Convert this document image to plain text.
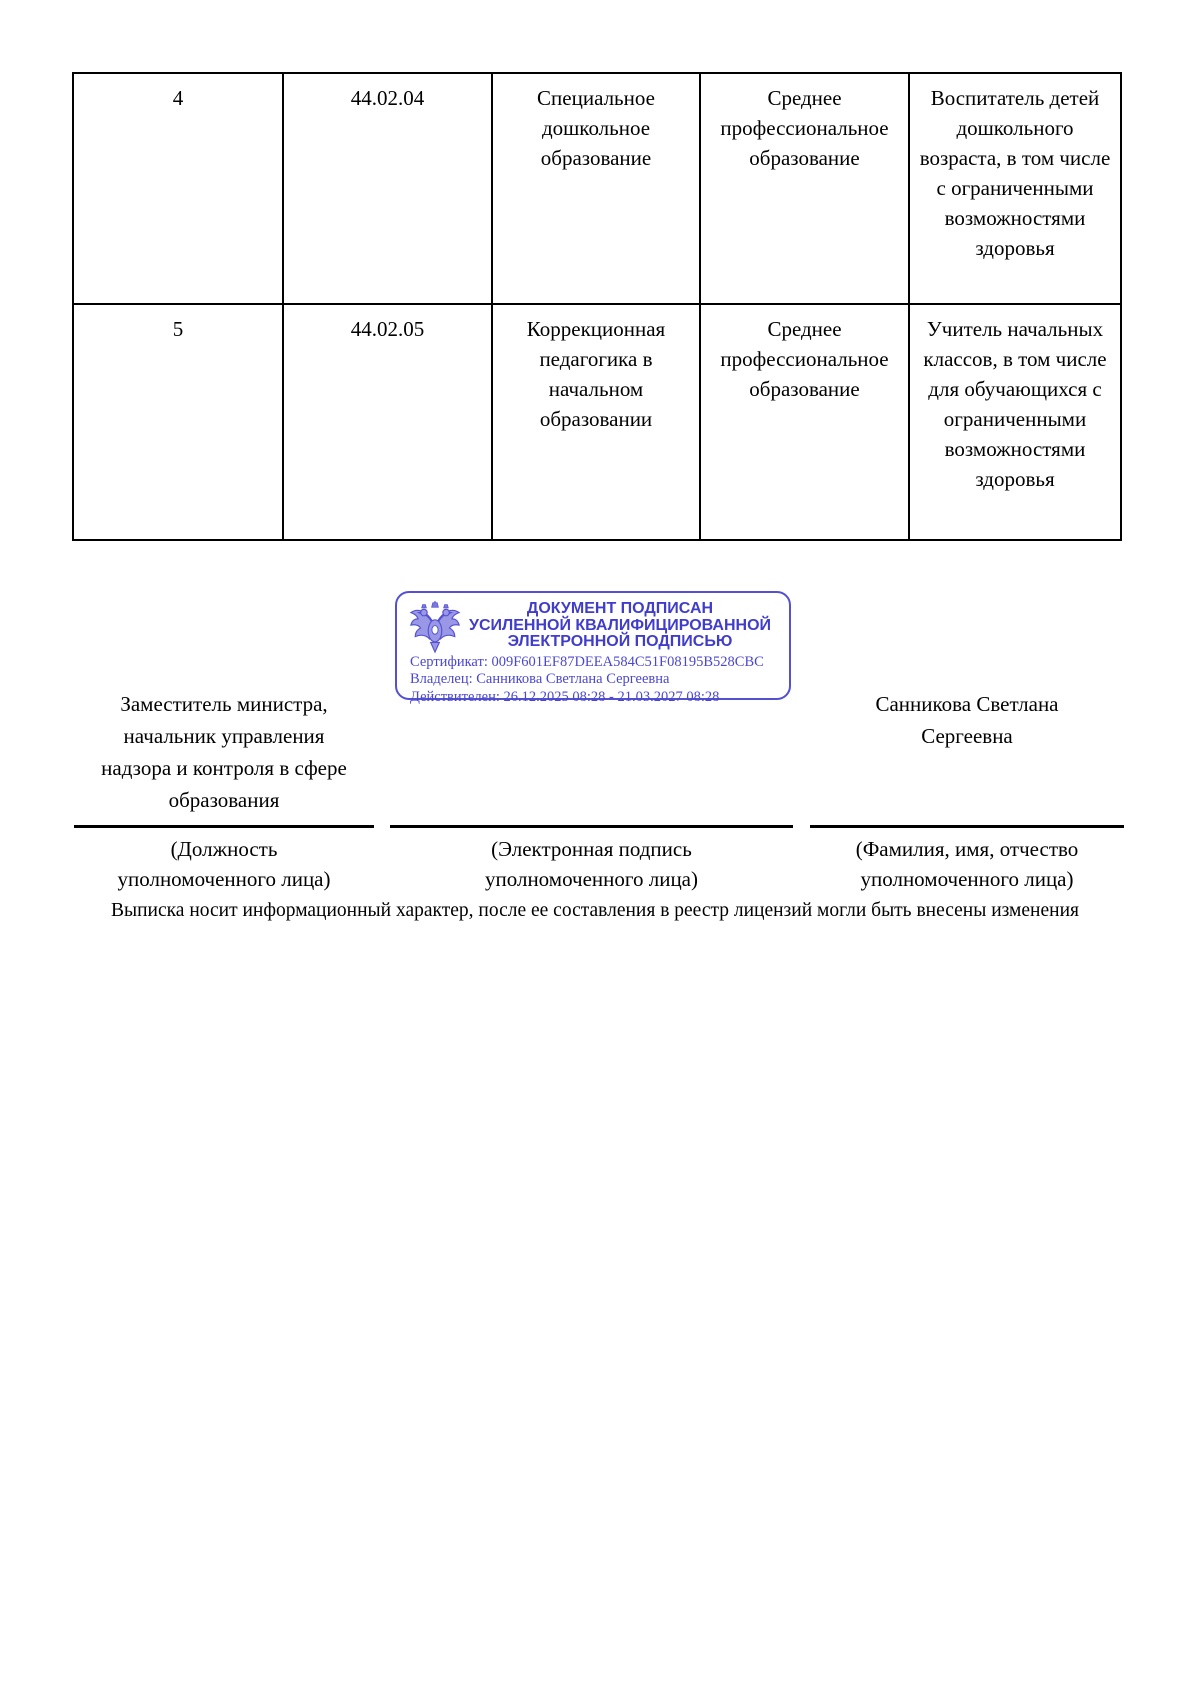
4	44.02.04	Специальное дошкольное образование	Среднее профессиональное образование	Воспитатель детей дошкольного возраста, в том числе с ограниченными возможностями здоровья
5	44.02.05	Коррекционная педагогика в начальном образовании	Среднее профессиональное образование	Учитель начальных классов, в том числе для обучающихся с ограниченными возможностями здоровья
ДОКУМЕНТ ПОДПИСАН
УСИЛЕННОЙ КВАЛИФИЦИРОВАННОЙ
ЭЛЕКТРОННОЙ ПОДПИСЬЮ
Сертификат: 009F601EF87DEEA584C51F08195B528CBC
Владелец: Санникова Светлана Сергеевна
Действителен: 26.12.2025 08:28 - 21.03.2027 08:28
Заместитель министра,
начальник управления
надзора и контроля в сфере
образования
Санникова Светлана
Сергеевна
(Должность
уполномоченного лица)
(Электронная подпись
уполномоченного лица)
(Фамилия, имя, отчество
уполномоченного лица)
Выписка носит информационный характер, после ее составления в реестр лицензий могли быть внесены изменения
